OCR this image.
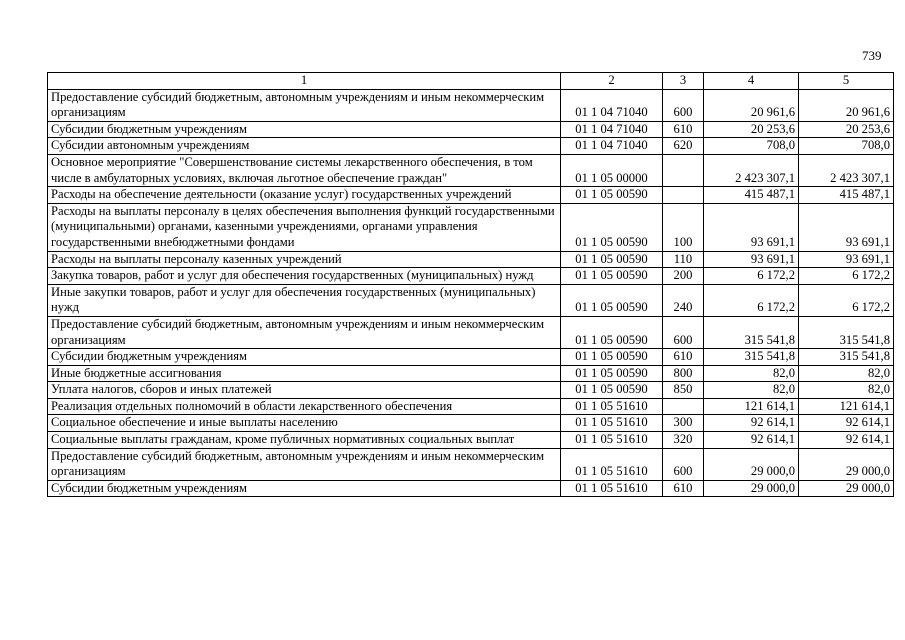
739
1	2	3	4	5
Предоставление субсидий бюджетным, автономным учреждениям и иным некоммерческим организациям	01 1 04 71040	600	20 961,6	20 961,6
Субсидии бюджетным учреждениям	01 1 04 71040	610	20 253,6	20 253,6
Субсидии автономным учреждениям	01 1 04 71040	620	708,0	708,0
Основное мероприятие "Совершенствование системы лекарственного обеспечения, в том числе в амбулаторных условиях, включая льготное обеспечение граждан"	01 1 05 00000		2 423 307,1	2 423 307,1
Расходы на обеспечение деятельности (оказание услуг) государственных учреждений	01 1 05 00590		415 487,1	415 487,1
Расходы на выплаты персоналу в целях обеспечения выполнения функций государственными (муниципальными) органами, казенными учреждениями, органами управления государственными внебюджетными фондами	01 1 05 00590	100	93 691,1	93 691,1
Расходы на выплаты персоналу казенных учреждений	01 1 05 00590	110	93 691,1	93 691,1
Закупка товаров, работ и услуг для обеспечения государственных (муниципальных) нужд	01 1 05 00590	200	6 172,2	6 172,2
Иные закупки товаров, работ и услуг для обеспечения государственных (муниципальных) нужд	01 1 05 00590	240	6 172,2	6 172,2
Предоставление субсидий бюджетным, автономным учреждениям и иным некоммерческим организациям	01 1 05 00590	600	315 541,8	315 541,8
Субсидии бюджетным учреждениям	01 1 05 00590	610	315 541,8	315 541,8
Иные бюджетные ассигнования	01 1 05 00590	800	82,0	82,0
Уплата налогов, сборов и иных платежей	01 1 05 00590	850	82,0	82,0
Реализация отдельных полномочий в области лекарственного обеспечения	01 1 05 51610		121 614,1	121 614,1
Социальное обеспечение и иные выплаты населению	01 1 05 51610	300	92 614,1	92 614,1
Социальные выплаты гражданам, кроме публичных нормативных социальных выплат	01 1 05 51610	320	92 614,1	92 614,1
Предоставление субсидий бюджетным, автономным учреждениям и иным некоммерческим организациям	01 1 05 51610	600	29 000,0	29 000,0
Субсидии бюджетным учреждениям	01 1 05 51610	610	29 000,0	29 000,0
